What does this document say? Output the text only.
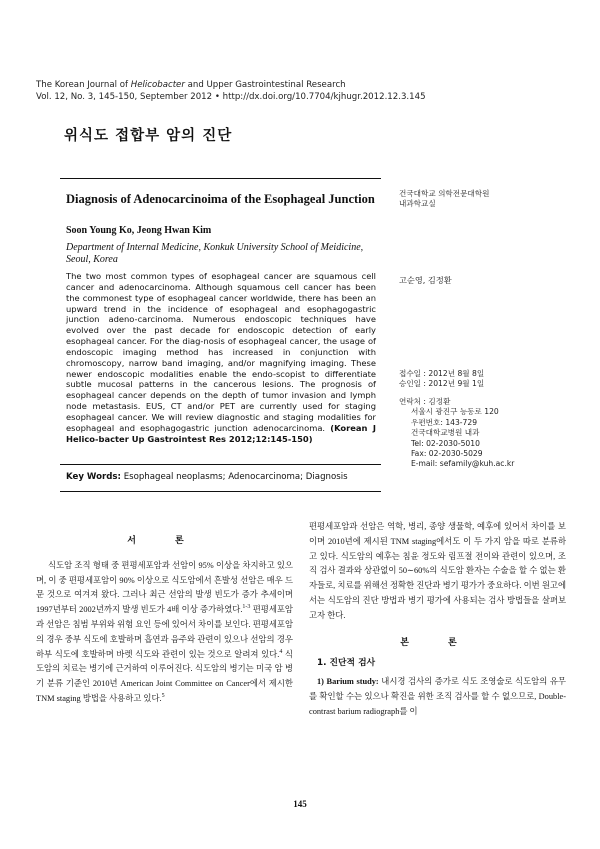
The Korean Journal of Helicobacter and Upper Gastrointestinal Research
Vol. 12, No. 3, 145-150, September 2012 • http://dx.doi.org/10.7704/kjhugr.2012.12.3.145
위식도 접합부 암의 진단
Diagnosis of Adenocarcinoima of the Esophageal Junction
Soon Young Ko, Jeong Hwan Kim
Department of Internal Medicine, Konkuk University School of Meidicine,
Seoul, Korea
The two most common types of esophageal cancer are squamous cell cancer and adenocarcinoma. Although squamous cell cancer has been the commonest type of esophageal cancer worldwide, there has been an upward trend in the incidence of esophageal and esophagogastric junction adeno-carcinoma. Numerous endoscopic techniques have evolved over the past decade for endoscopic detection of early esophageal cancer. For the diag-nosis of esophageal cancer, the usage of endoscopic imaging method has increased in conjunction with chromoscopy, narrow band imaging, and/or magnifying imaging. These newer endoscopic modalities enable the endo-scopist to differentiate subtle mucosal patterns in the cancerous lesions. The prognosis of esophageal cancer depends on the depth of tumor invasion and lymph node metastasis. EUS, CT and/or PET are currently used for staging esophageal cancer. We will review diagnostic and staging modalities for esophageal and esophagogastric junction adenocarcinoma. (Korean J Helico-bacter Up Gastrointest Res 2012;12:145-150)
Key Words: Esophageal neoplasms; Adenocarcinoma; Diagnosis
건국대학교 의학전문대학원
내과학교실
고순영, 김정환
접수일 : 2012년 8월 8일
승인일 : 2012년 9월 1일
연락처 : 김정환
서울시 광진구 능동로 120
우편번호: 143-729
건국대학교병원 내과
Tel: 02-2030-5010
Fax: 02-2030-5029
E-mail: sefamily@kuh.ac.kr
서 론

식도암 조직 형태 중 편평세포암과 선암이 95% 이상을 차지하고 있으며, 이 중 편평세포암이 90% 이상으로 식도암에서 흔발성 선암은 매우 드문 것으로 여겨져 왔다. 그러나 최근 선암의 발생 빈도가 증가 추세이며 1997년부터 2002년까지 발생 빈도가 4배 이상 증가하였다.$^{1-3}$ 편평세포암과 선암은 침범 부위와 위험 요인 등에 있어서 차이를 보인다. 편평세포암의 경우 중부 식도에 호발하며 흡연과 음주와 관련이 있으나 선암의 경우 하부 식도에 호발하며 바렛 식도와 관련이 있는 것으로 알려져 있다.$^4$ 식도암의 치료는 병기에 근거하여 이루어진다. 식도암의 병기는 미국 암 병기 분류 기준인 2010년 American Joint Committee on Cancer에서 제시한 TNM staging 방법을 사용하고 있다.$^5$

편평세포암과 선암은 역학, 병리, 종양 생물학, 예후에 있어서 차이를 보이며 2010년에 제시된 TNM staging에서도 이 두 가지 암을 따로 분류하고 있다. 식도암의 예후는 침윤 정도와 림프절 전이와 관련이 있으며, 조직 검사 결과와 상관없이 50∼60%의 식도암 환자는 수술을 할 수 없는 환자들로, 치료를 위해선 정확한 진단과 병기 평가가 중요하다. 이번 원고에서는 식도암의 진단 방법과 병기 평가에 사용되는 검사 방법들을 살펴보고자 한다.

본 론
1. 진단적 검사

1) Barium study: 내시경 검사의 증가로 식도 조영술로 식도암의 유무를 확인할 수는 있으나 확진을 위한 조직 검사를 할 수 없으므로, Double-contrast barium radiograph를 이

145
